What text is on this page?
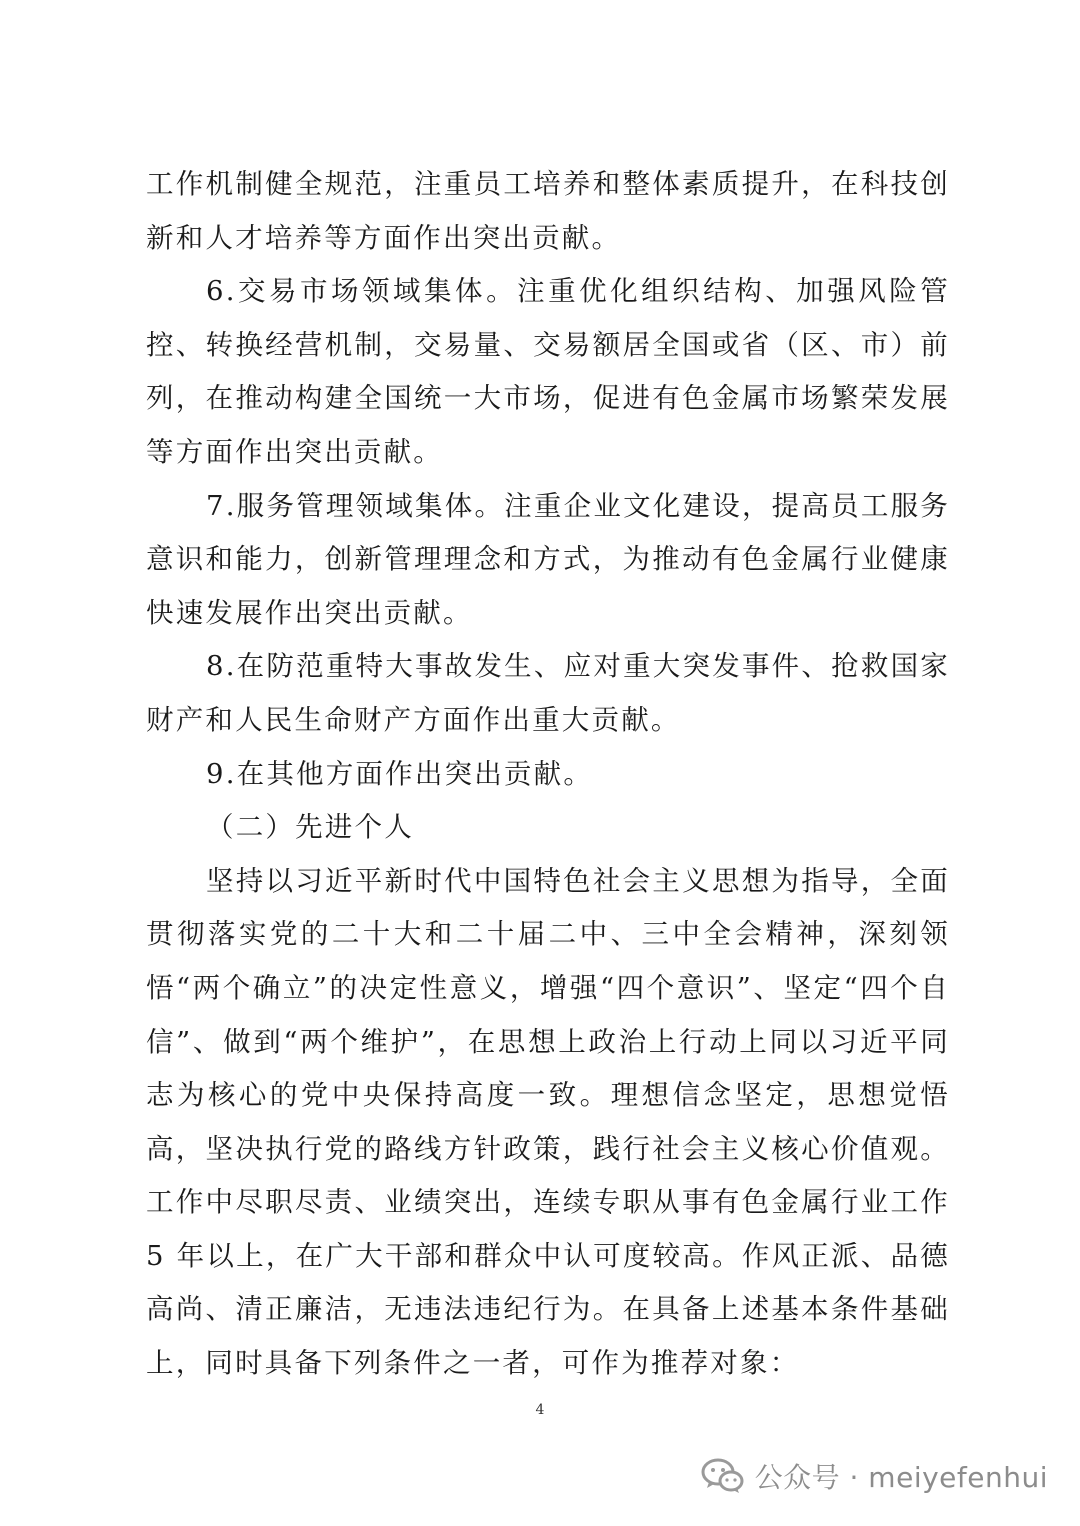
工作机制健全规范，注重员工培养和整体素质提升，在科技创新和人才培养等方面作出突出贡献。

6.交易市场领域集体。注重优化组织结构、加强风险管控、转换经营机制，交易量、交易额居全国或省（区、市）前列，在推动构建全国统一大市场，促进有色金属市场繁荣发展等方面作出突出贡献。

7.服务管理领域集体。注重企业文化建设，提高员工服务意识和能力，创新管理理念和方式，为推动有色金属行业健康快速发展作出突出贡献。

8.在防范重特大事故发生、应对重大突发事件、抢救国家财产和人民生命财产方面作出重大贡献。

9.在其他方面作出突出贡献。

（二）先进个人

坚持以习近平新时代中国特色社会主义思想为指导，全面贯彻落实党的二十大和二十届二中、三中全会精神，深刻领悟“两个确立”的决定性意义，增强“四个意识”、坚定“四个自信”、做到“两个维护”，在思想上政治上行动上同以习近平同志为核心的党中央保持高度一致。理想信念坚定，思想觉悟高，坚决执行党的路线方针政策，践行社会主义核心价值观。工作中尽职尽责、业绩突出，连续专职从事有色金属行业工作 5 年以上，在广大干部和群众中认可度较高。作风正派、品德高尚、清正廉洁，无违法违纪行为。在具备上述基本条件基础上，同时具备下列条件之一者，可作为推荐对象：

4
公众号 · meiyefenhui
